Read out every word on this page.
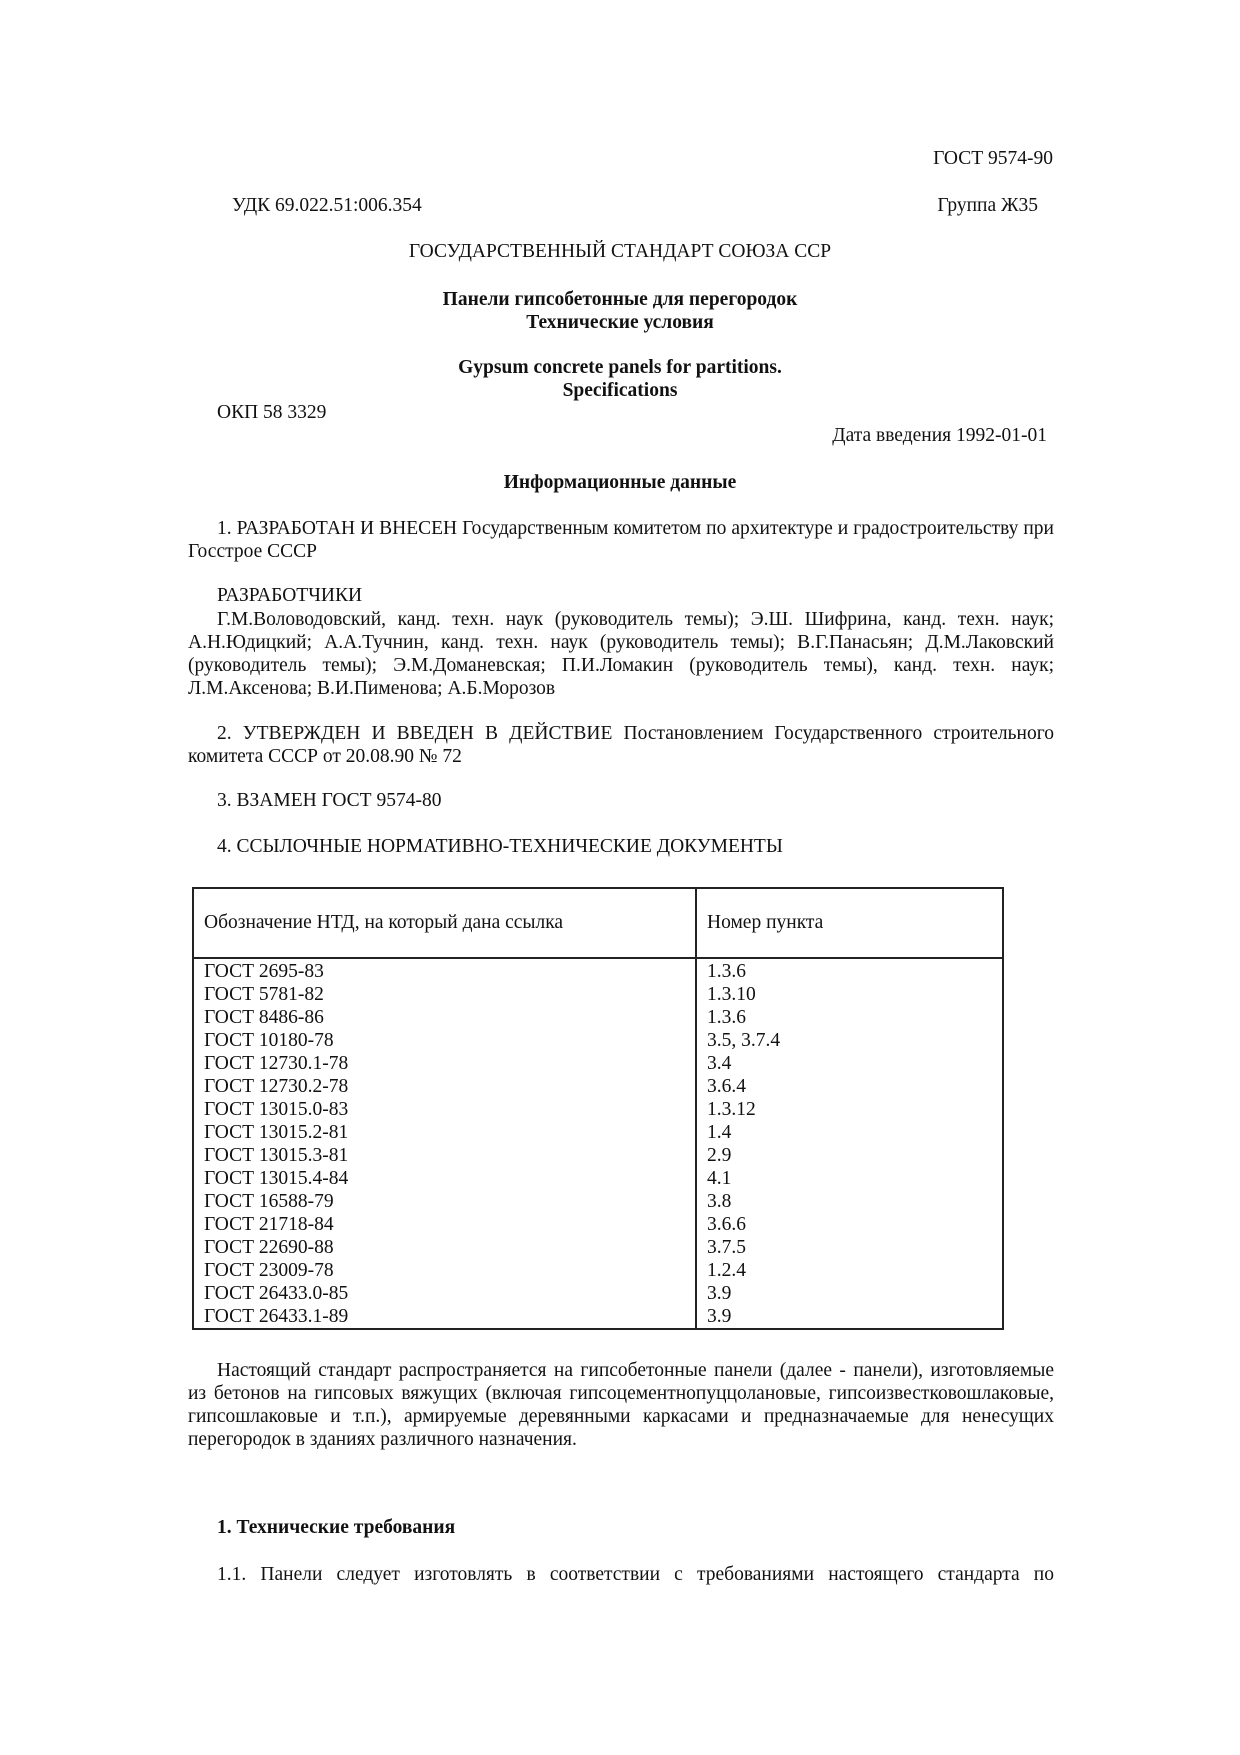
ГОСТ 9574-90
УДК 69.022.51:006.354	Группа Ж35
ГОСУДАРСТВЕННЫЙ СТАНДАРТ СОЮЗА ССР
Панели гипсобетонные для перегородок
Технические условия
Gypsum concrete panels for partitions.
Specifications
ОКП 58 3329
Дата введения 1992-01-01
Информационные данные
1. РАЗРАБОТАН И ВНЕСЕН Государственным комитетом по архитектуре и градостроительству при Госстрое СССР
РАЗРАБОТЧИКИ
Г.М.Воловодовский, канд. техн. наук (руководитель темы); Э.Ш. Шифрина, канд. техн. наук; А.Н.Юдицкий; А.А.Тучнин, канд. техн. наук (руководитель темы); В.Г.Панасьян; Д.М.Лаковский (руководитель темы); Э.М.Доманевская; П.И.Ломакин (руководитель темы), канд. техн. наук; Л.М.Аксенова; В.И.Пименова; А.Б.Морозов
2. УТВЕРЖДЕН И ВВЕДЕН В ДЕЙСТВИЕ Постановлением Государственного строительного комитета СССР от 20.08.90 № 72
3. ВЗАМЕН ГОСТ 9574-80
4. ССЫЛОЧНЫЕ НОРМАТИВНО-ТЕХНИЧЕСКИЕ ДОКУМЕНТЫ
Обозначение НТД, на который дана ссылка	Номер пункта
ГОСТ 2695-83	1.3.6
ГОСТ 5781-82	1.3.10
ГОСТ 8486-86	1.3.6
ГОСТ 10180-78	3.5, 3.7.4
ГОСТ 12730.1-78	3.4
ГОСТ 12730.2-78	3.6.4
ГОСТ 13015.0-83	1.3.12
ГОСТ 13015.2-81	1.4
ГОСТ 13015.3-81	2.9
ГОСТ 13015.4-84	4.1
ГОСТ 16588-79	3.8
ГОСТ 21718-84	3.6.6
ГОСТ 22690-88	3.7.5
ГОСТ 23009-78	1.2.4
ГОСТ 26433.0-85	3.9
ГОСТ 26433.1-89	3.9
Настоящий стандарт распространяется на гипсобетонные панели (далее - панели), изготовляемые из бетонов на гипсовых вяжущих (включая гипсоцементнопуццолановые, гипсоизвестковошлаковые, гипсошлаковые и т.п.), армируемые деревянными каркасами и предназначаемые для ненесущих перегородок в зданиях различного назначения.
1. Технические требования
1.1. Панели следует изготовлять в соответствии с требованиями настоящего стандарта по
